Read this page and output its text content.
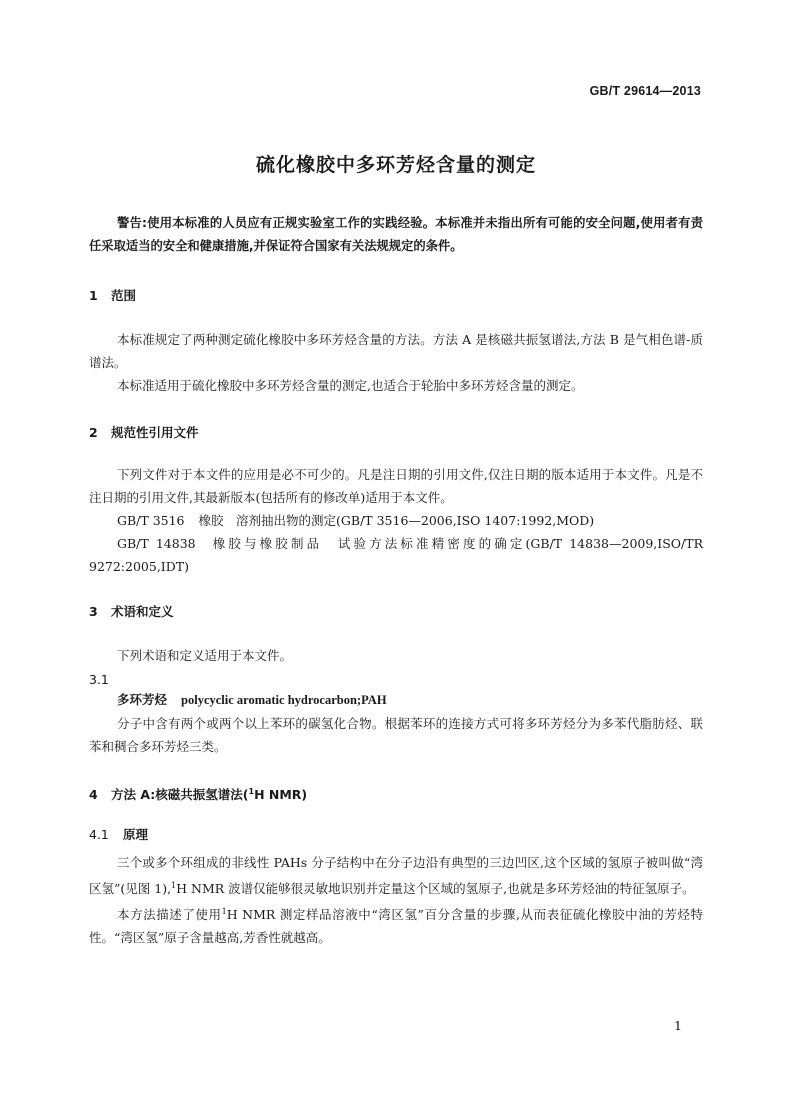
GB/T 29614—2013
硫化橡胶中多环芳烃含量的测定

警告:使用本标准的人员应有正规实验室工作的实践经验。本标准并未指出所有可能的安全问题,使用者有责任采取适当的安全和健康措施,并保证符合国家有关法规规定的条件。

1 范围

本标准规定了两种测定硫化橡胶中多环芳烃含量的方法。方法 A 是核磁共振氢谱法,方法 B 是气相色谱-质谱法。

本标准适用于硫化橡胶中多环芳烃含量的测定,也适合于轮胎中多环芳烃含量的测定。

2 规范性引用文件

下列文件对于本文件的应用是必不可少的。凡是注日期的引用文件,仅注日期的版本适用于本文件。凡是不注日期的引用文件,其最新版本(包括所有的修改单)适用于本文件。

GB/T 3516 橡胶　溶剂抽出物的测定(GB/T 3516—2006,ISO 1407:1992,MOD)

GB/T 14838 橡胶与橡胶制品　试验方法标准精密度的确定(GB/T 14838—2009,ISO/TR 9272:2005,IDT)

3 术语和定义

下列术语和定义适用于本文件。

3.1

多环芳烃 polycyclic aromatic hydrocarbon;PAH

分子中含有两个或两个以上苯环的碳氢化合物。根据苯环的连接方式可将多环芳烃分为多苯代脂肪烃、联苯和稠合多环芳烃三类。

4 方法 A:核磁共振氢谱法($^1$H NMR)
4.1 原理

三个或多个环组成的非线性 PAHs 分子结构中在分子边沿有典型的三边凹区,这个区域的氢原子被叫做“湾区氢”(见图 1),$^1$H NMR 波谱仅能够很灵敏地识别并定量这个区域的氢原子,也就是多环芳烃油的特征氢原子。

本方法描述了使用$^1$H NMR 测定样品溶液中“湾区氢”百分含量的步骤,从而表征硫化橡胶中油的芳烃特性。“湾区氢”原子含量越高,芳香性就越高。

1
